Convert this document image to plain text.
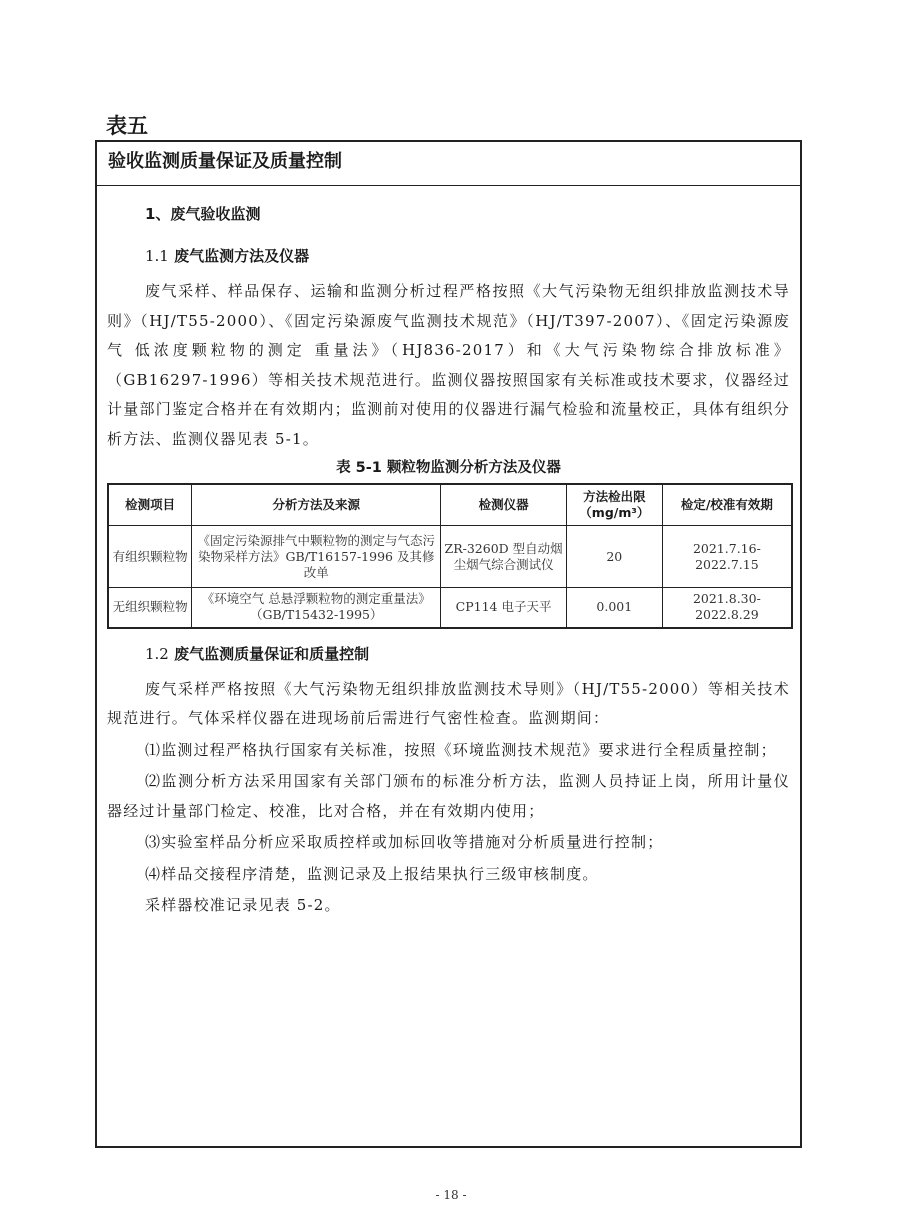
表五
验收监测质量保证及质量控制
1、废气验收监测
1.1 废气监测方法及仪器
废气采样、样品保存、运输和监测分析过程严格按照《大气污染物无组织排放监测技术导则》（HJ/T55-2000）、《固定污染源废气监测技术规范》（HJ/T397-2007）、《固定污染源废气 低浓度颗粒物的测定 重量法》（HJ836-2017）和《大气污染物综合排放标准》（GB16297-1996）等相关技术规范进行。监测仪器按照国家有关标准或技术要求，仪器经过计量部门鉴定合格并在有效期内；监测前对使用的仪器进行漏气检验和流量校正，具体有组织分析方法、监测仪器见表 5-1。
表 5-1 颗粒物监测分析方法及仪器
检测项目	分析方法及来源	检测仪器	方法检出限（mg/m³）	检定/校准有效期
有组织颗粒物	《固定污染源排气中颗粒物的测定与气态污染物采样方法》GB/T16157-1996 及其修改单	ZR-3260D 型自动烟尘烟气综合测试仪	20	2021.7.16-2022.7.15
无组织颗粒物	《环境空气 总悬浮颗粒物的测定重量法》（GB/T15432-1995）	CP114 电子天平	0.001	2021.8.30-2022.8.29
1.2 废气监测质量保证和质量控制
废气采样严格按照《大气污染物无组织排放监测技术导则》（HJ/T55-2000）等相关技术规范进行。气体采样仪器在进现场前后需进行气密性检查。监测期间：
⑴监测过程严格执行国家有关标准，按照《环境监测技术规范》要求进行全程质量控制；
⑵监测分析方法采用国家有关部门颁布的标准分析方法，监测人员持证上岗，所用计量仪器经过计量部门检定、校准，比对合格，并在有效期内使用；
⑶实验室样品分析应采取质控样或加标回收等措施对分析质量进行控制；
⑷样品交接程序清楚，监测记录及上报结果执行三级审核制度。
采样器校准记录见表 5-2。
- 18 -
